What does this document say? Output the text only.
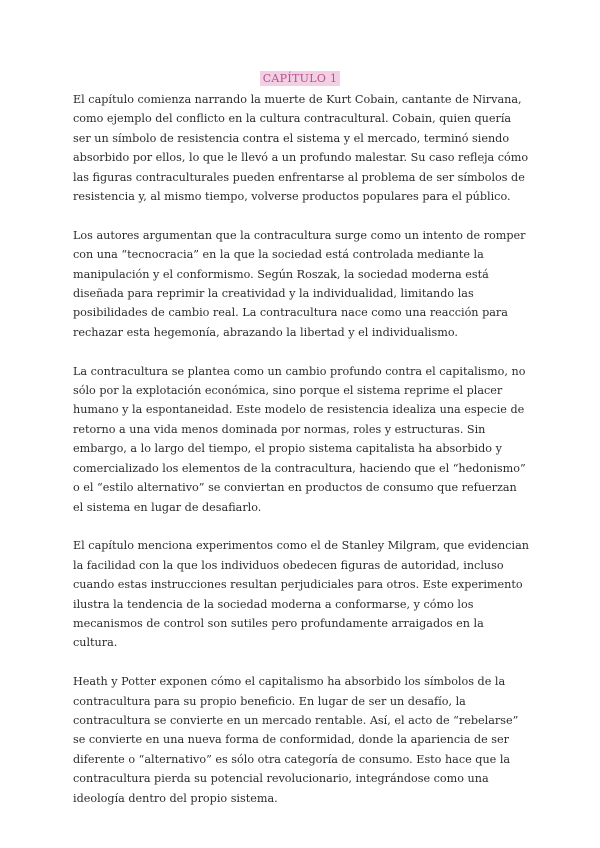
CAPÍTULO 1

El capítulo comienza narrando la muerte de Kurt Cobain, cantante de Nirvana, como ejemplo del conflicto en la cultura contracultural. Cobain, quien quería ser un símbolo de resistencia contra el sistema y el mercado, terminó siendo absorbido por ellos, lo que le llevó a un profundo malestar. Su caso refleja cómo las figuras contraculturales pueden enfrentarse al problema de ser símbolos de resistencia y, al mismo tiempo, volverse productos populares para el público.

Los autores argumentan que la contracultura surge como un intento de romper con una “tecnocracia” en la que la sociedad está controlada mediante la manipulación y el conformismo. Según Roszak, la sociedad moderna está diseñada para reprimir la creatividad y la individualidad, limitando las posibilidades de cambio real. La contracultura nace como una reacción para rechazar esta hegemonía, abrazando la libertad y el individualismo.

La contracultura se plantea como un cambio profundo contra el capitalismo, no sólo por la explotación económica, sino porque el sistema reprime el placer humano y la espontaneidad. Este modelo de resistencia idealiza una especie de retorno a una vida menos dominada por normas, roles y estructuras. Sin embargo, a lo largo del tiempo, el propio sistema capitalista ha absorbido y comercializado los elementos de la contracultura, haciendo que el “hedonismo” o el “estilo alternativo” se conviertan en productos de consumo que refuerzan el sistema en lugar de desafiarlo.

El capítulo menciona experimentos como el de Stanley Milgram, que evidencian la facilidad con la que los individuos obedecen figuras de autoridad, incluso cuando estas instrucciones resultan perjudiciales para otros. Este experimento ilustra la tendencia de la sociedad moderna a conformarse, y cómo los mecanismos de control son sutiles pero profundamente arraigados en la cultura.

Heath y Potter exponen cómo el capitalismo ha absorbido los símbolos de la contracultura para su propio beneficio. En lugar de ser un desafío, la contracultura se convierte en un mercado rentable. Así, el acto de “rebelarse” se convierte en una nueva forma de conformidad, donde la apariencia de ser diferente o “alternativo” es sólo otra categoría de consumo. Esto hace que la contracultura pierda su potencial revolucionario, integrándose como una ideología dentro del propio sistema.
